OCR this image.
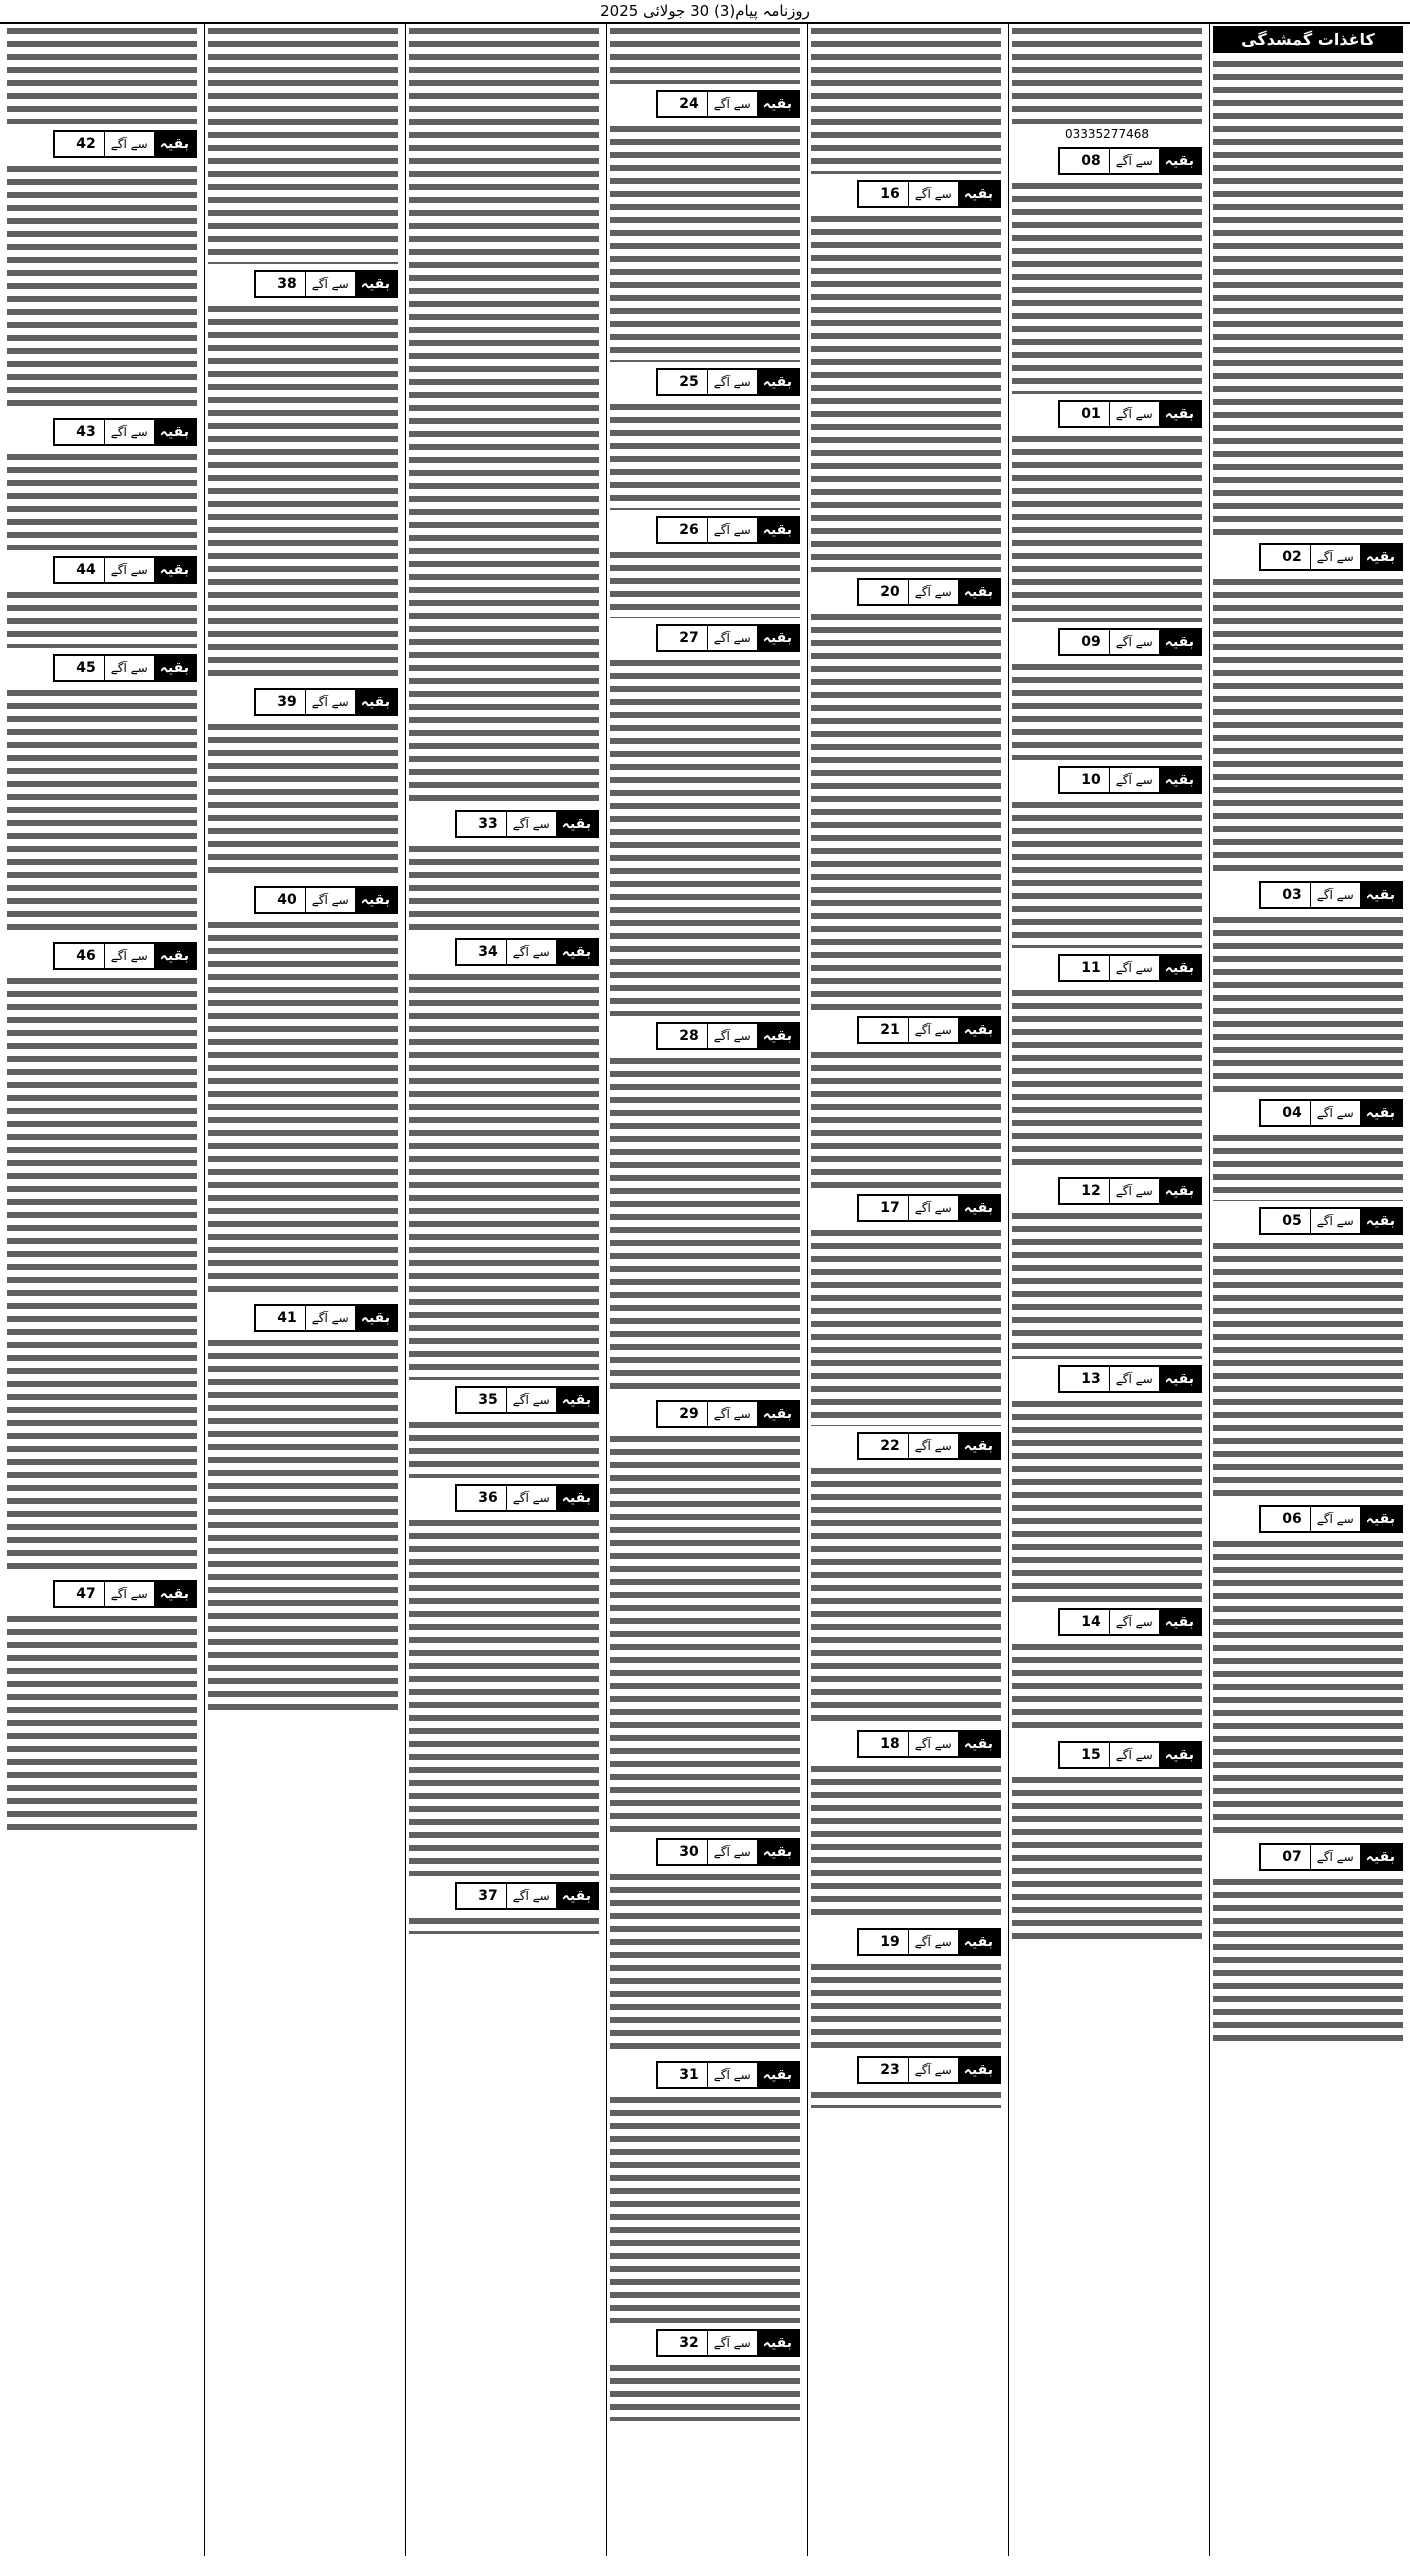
روزنامہ پیام(3) 30 جولائی 2025
کاغذات گمشدگی
بقیہ
سے آگے
02
بقیہ
سے آگے
03
بقیہ
سے آگے
04
بقیہ
سے آگے
05
بقیہ
سے آگے
06
بقیہ
سے آگے
07
03335277468
بقیہ
سے آگے
08
بقیہ
سے آگے
01
بقیہ
سے آگے
09
بقیہ
سے آگے
10
بقیہ
سے آگے
11
بقیہ
سے آگے
12
بقیہ
سے آگے
13
بقیہ
سے آگے
14
بقیہ
سے آگے
15
بقیہ
سے آگے
16
بقیہ
سے آگے
20
بقیہ
سے آگے
21
بقیہ
سے آگے
17
بقیہ
سے آگے
22
بقیہ
سے آگے
18
بقیہ
سے آگے
19
بقیہ
سے آگے
23
بقیہ
سے آگے
24
بقیہ
سے آگے
25
بقیہ
سے آگے
26
بقیہ
سے آگے
27
بقیہ
سے آگے
28
بقیہ
سے آگے
29
بقیہ
سے آگے
30
بقیہ
سے آگے
31
بقیہ
سے آگے
32
بقیہ
سے آگے
33
بقیہ
سے آگے
34
بقیہ
سے آگے
35
بقیہ
سے آگے
36
بقیہ
سے آگے
37
بقیہ
سے آگے
38
بقیہ
سے آگے
39
بقیہ
سے آگے
40
بقیہ
سے آگے
41
بقیہ
سے آگے
42
بقیہ
سے آگے
43
بقیہ
سے آگے
44
بقیہ
سے آگے
45
بقیہ
سے آگے
46
بقیہ
سے آگے
47
